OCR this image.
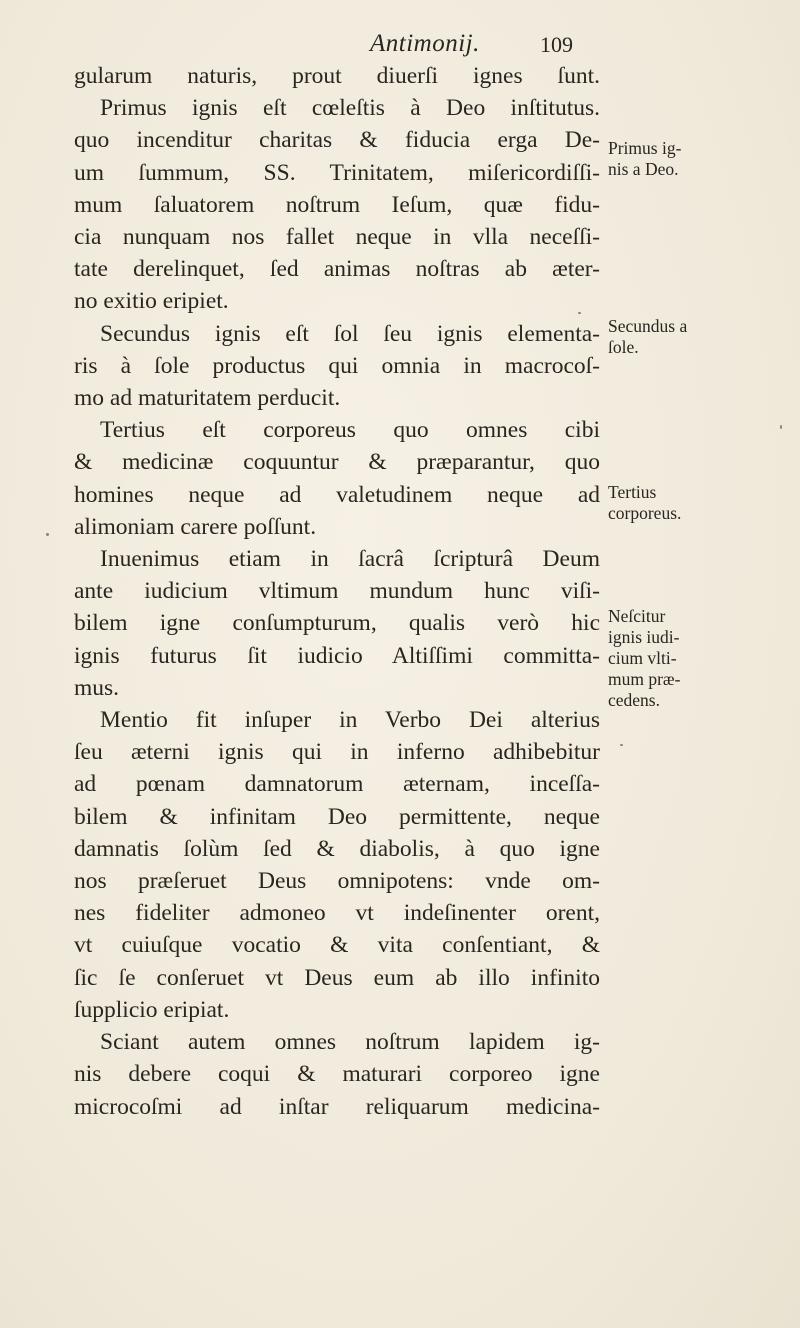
Antimonij.	109
gularum naturis, prout diuerſi ignes ſunt.
Primus ignis eſt cœleſtis à Deo inſtitutus.
quo incenditur charitas & fiducia erga De-
um ſummum, SS. Trinitatem, miſericordiſſi-
mum ſaluatorem noſtrum Ieſum, quæ fidu-
cia nunquam nos fallet neque in vlla neceſſi-
tate derelinquet, ſed animas noſtras ab æter-
no exitio eripiet.
Secundus ignis eſt ſol ſeu ignis elementa-
ris à ſole productus qui omnia in macrocoſ-
mo ad maturitatem perducit.
Tertius eſt corporeus quo omnes cibi
& medicinæ coquuntur & præparantur, quo
homines neque ad valetudinem neque ad
alimoniam carere poſſunt.
Inuenimus etiam in ſacrâ ſcripturâ Deum
ante iudicium vltimum mundum hunc viſi-
bilem igne conſumpturum, qualis verò hic
ignis futurus ſit iudicio Altiſſimi committa-
mus.
Mentio fit inſuper in Verbo Dei alterius
ſeu æterni ignis qui in inferno adhibebitur
ad pœnam damnatorum æternam, inceſſa-
bilem & infinitam Deo permittente, neque
damnatis ſolùm ſed & diabolis, à quo igne
nos præſeruet Deus omnipotens: vnde om-
nes fideliter admoneo vt indeſinenter orent,
vt cuiuſque vocatio & vita conſentiant, &
ſic ſe conſeruet vt Deus eum ab illo infinito
ſupplicio eripiat.
Sciant autem omnes noſtrum lapidem ig-
nis debere coqui & maturari corporeo igne
microcoſmi ad inſtar reliquarum medicina-
Primus ig-
nis a Deo.
Secundus a
ſole.
Tertius
corporeus.
Neſcitur
ignis iudi-
cium vlti-
mum præ-
cedens.
